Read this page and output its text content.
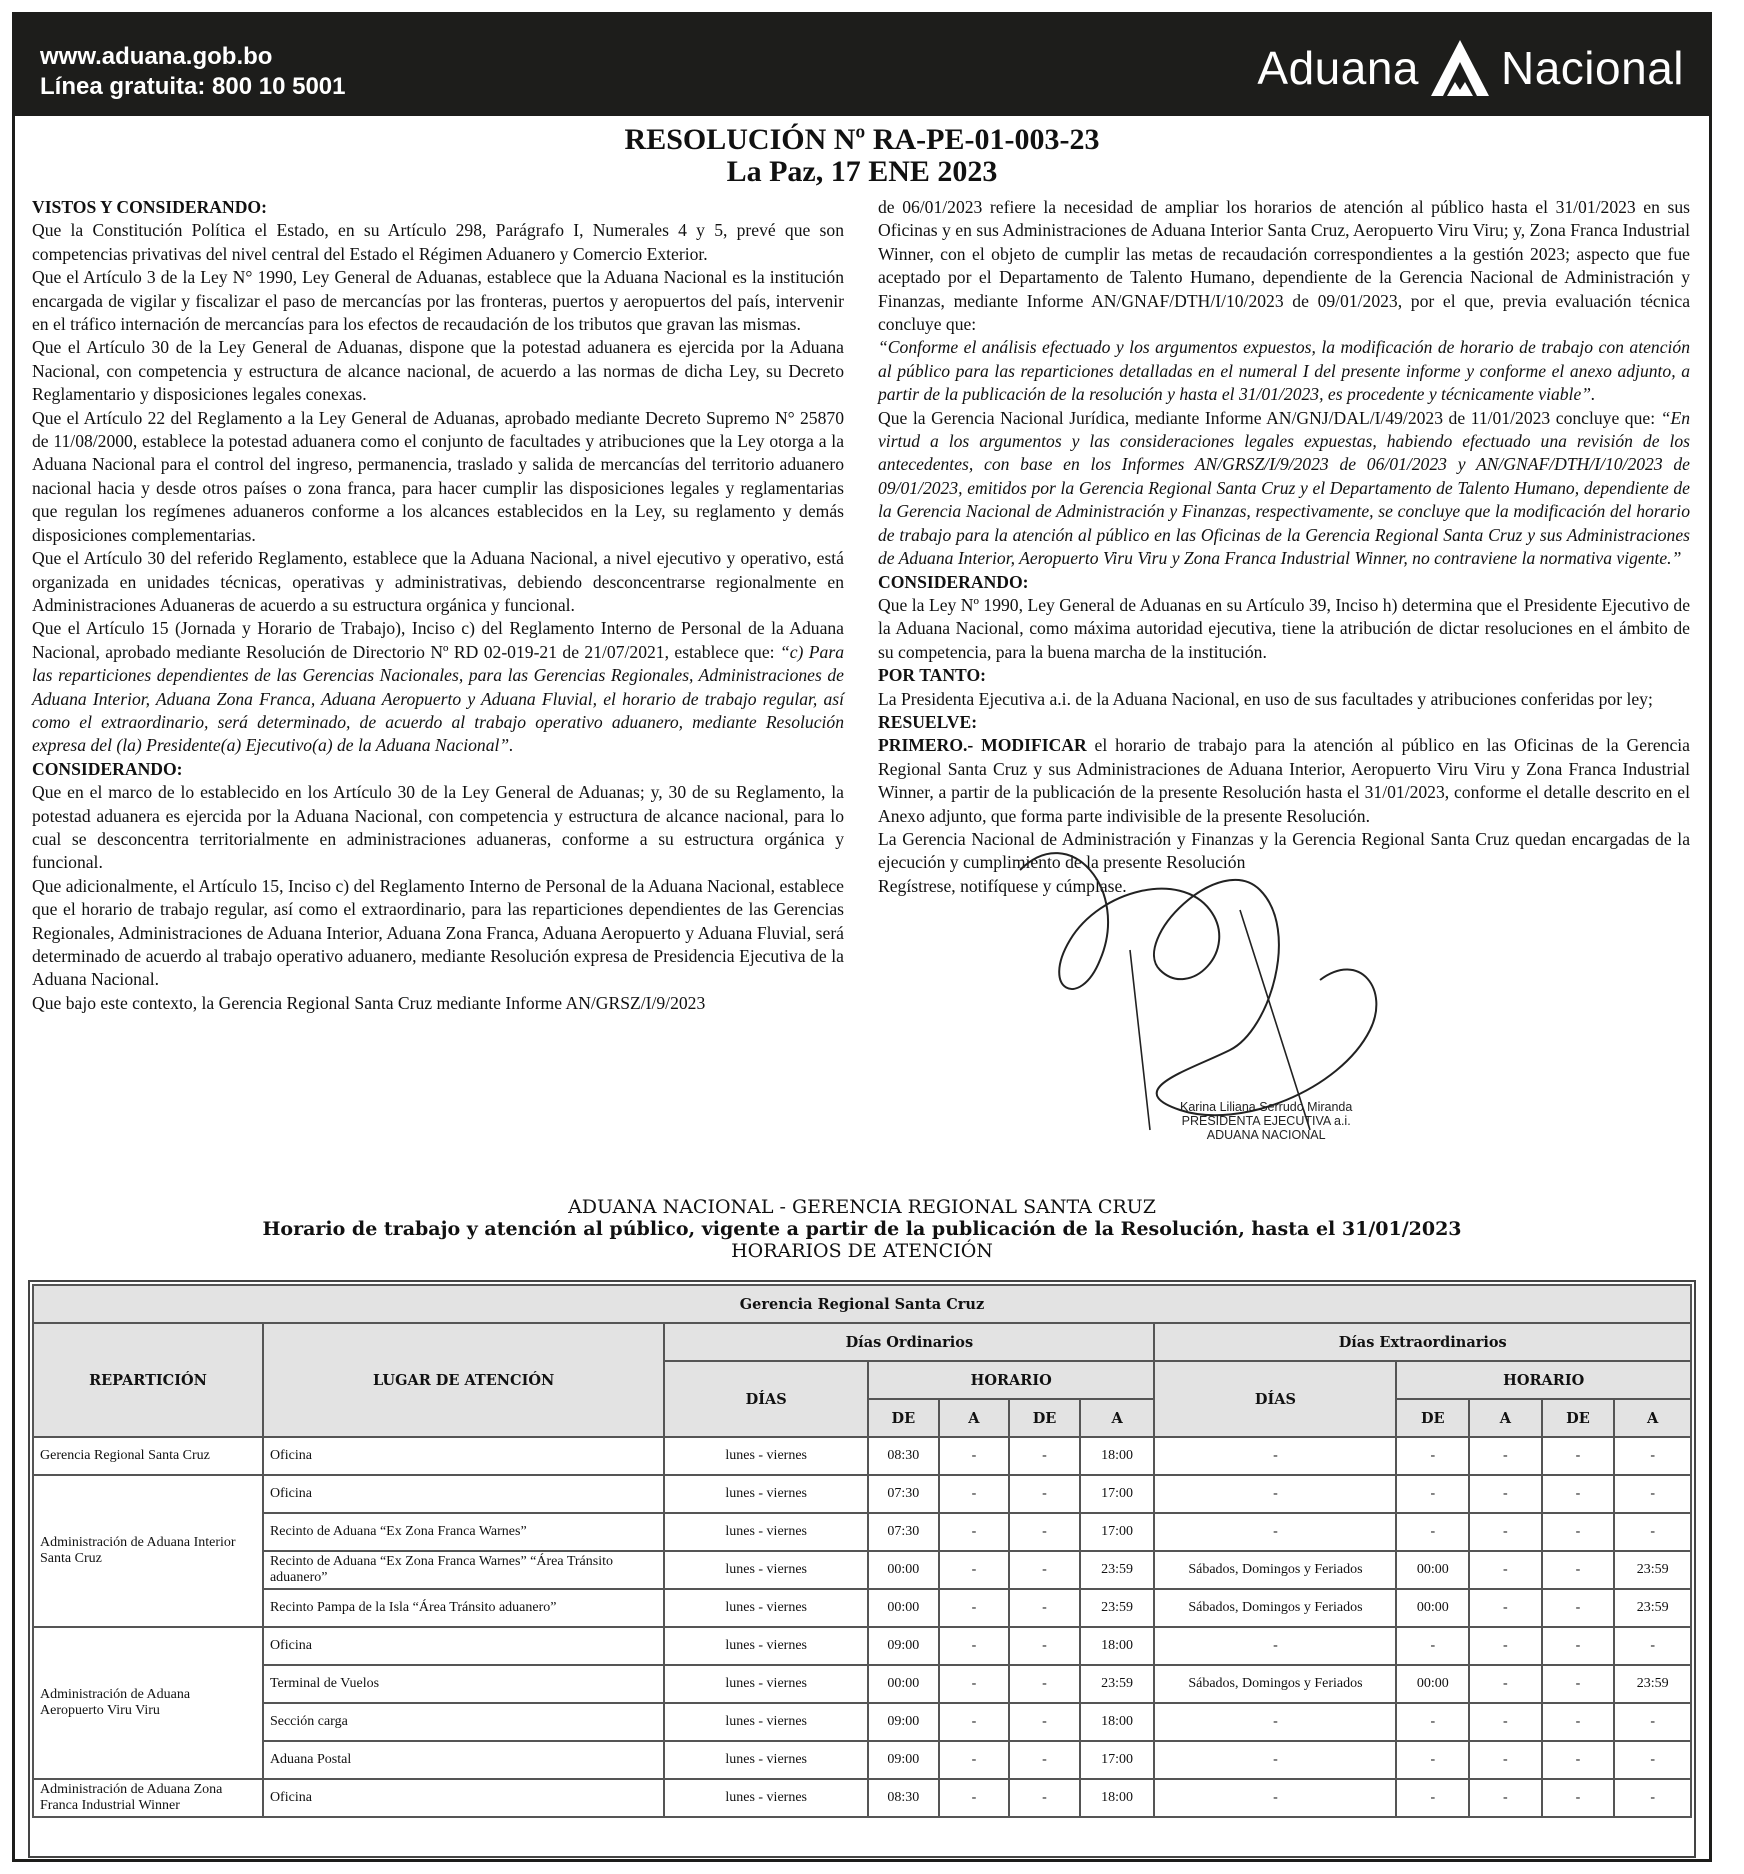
www.aduana.gob.bo
Línea gratuita: 800 10 5001	Aduana Nacional
RESOLUCIÓN Nº RA-PE-01-003-23
La Paz, 17 ENE 2023

VISTOS Y CONSIDERANDO:

Que la Constitución Política el Estado, en su Artículo 298, Parágrafo I, Numerales 4 y 5, prevé que son competencias privativas del nivel central del Estado el Régimen Aduanero y Comercio Exterior.

Que el Artículo 3 de la Ley N° 1990, Ley General de Aduanas, establece que la Aduana Nacional es la institución encargada de vigilar y fiscalizar el paso de mercancías por las fronteras, puertos y aeropuertos del país, intervenir en el tráfico internación de mercancías para los efectos de recaudación de los tributos que gravan las mismas.

Que el Artículo 30 de la Ley General de Aduanas, dispone que la potestad aduanera es ejercida por la Aduana Nacional, con competencia y estructura de alcance nacional, de acuerdo a las normas de dicha Ley, su Decreto Reglamentario y disposiciones legales conexas.

Que el Artículo 22 del Reglamento a la Ley General de Aduanas, aprobado mediante Decreto Supremo N° 25870 de 11/08/2000, establece la potestad aduanera como el conjunto de facultades y atribuciones que la Ley otorga a la Aduana Nacional para el control del ingreso, permanencia, traslado y salida de mercancías del territorio aduanero nacional hacia y desde otros países o zona franca, para hacer cumplir las disposiciones legales y reglamentarias que regulan los regímenes aduaneros conforme a los alcances establecidos en la Ley, su reglamento y demás disposiciones complementarias.

Que el Artículo 30 del referido Reglamento, establece que la Aduana Nacional, a nivel ejecutivo y operativo, está organizada en unidades técnicas, operativas y administrativas, debiendo desconcentrarse regionalmente en Administraciones Aduaneras de acuerdo a su estructura orgánica y funcional.

Que el Artículo 15 (Jornada y Horario de Trabajo), Inciso c) del Reglamento Interno de Personal de la Aduana Nacional, aprobado mediante Resolución de Directorio Nº RD 02-019-21 de 21/07/2021, establece que: “c) Para las reparticiones dependientes de las Gerencias Nacionales, para las Gerencias Regionales, Administraciones de Aduana Interior, Aduana Zona Franca, Aduana Aeropuerto y Aduana Fluvial, el horario de trabajo regular, así como el extraordinario, será determinado, de acuerdo al trabajo operativo aduanero, mediante Resolución expresa del (la) Presidente(a) Ejecutivo(a) de la Aduana Nacional”.

CONSIDERANDO:

Que en el marco de lo establecido en los Artículo 30 de la Ley General de Aduanas; y, 30 de su Reglamento, la potestad aduanera es ejercida por la Aduana Nacional, con competencia y estructura de alcance nacional, para lo cual se desconcentra territorialmente en administraciones aduaneras, conforme a su estructura orgánica y funcional.

Que adicionalmente, el Artículo 15, Inciso c) del Reglamento Interno de Personal de la Aduana Nacional, establece que el horario de trabajo regular, así como el extraordinario, para las reparticiones dependientes de las Gerencias Regionales, Administraciones de Aduana Interior, Aduana Zona Franca, Aduana Aeropuerto y Aduana Fluvial, será determinado de acuerdo al trabajo operativo aduanero, mediante Resolución expresa de Presidencia Ejecutiva de la Aduana Nacional.

Que bajo este contexto, la Gerencia Regional Santa Cruz mediante Informe AN/GRSZ/I/9/2023

de 06/01/2023 refiere la necesidad de ampliar los horarios de atención al público hasta el 31/01/2023 en sus Oficinas y en sus Administraciones de Aduana Interior Santa Cruz, Aeropuerto Viru Viru; y, Zona Franca Industrial Winner, con el objeto de cumplir las metas de recaudación correspondientes a la gestión 2023; aspecto que fue aceptado por el Departamento de Talento Humano, dependiente de la Gerencia Nacional de Administración y Finanzas, mediante Informe AN/GNAF/DTH/I/10/2023 de 09/01/2023, por el que, previa evaluación técnica concluye que:

“Conforme el análisis efectuado y los argumentos expuestos, la modificación de horario de trabajo con atención al público para las reparticiones detalladas en el numeral I del presente informe y conforme el anexo adjunto, a partir de la publicación de la resolución y hasta el 31/01/2023, es procedente y técnicamente viable”.

Que la Gerencia Nacional Jurídica, mediante Informe AN/GNJ/DAL/I/49/2023 de 11/01/2023 concluye que: “En virtud a los argumentos y las consideraciones legales expuestas, habiendo efectuado una revisión de los antecedentes, con base en los Informes AN/GRSZ/I/9/2023 de 06/01/2023 y AN/GNAF/DTH/I/10/2023 de 09/01/2023, emitidos por la Gerencia Regional Santa Cruz y el Departamento de Talento Humano, dependiente de la Gerencia Nacional de Administración y Finanzas, respectivamente, se concluye que la modificación del horario de trabajo para la atención al público en las Oficinas de la Gerencia Regional Santa Cruz y sus Administraciones de Aduana Interior, Aeropuerto Viru Viru y Zona Franca Industrial Winner, no contraviene la normativa vigente.”

CONSIDERANDO:

Que la Ley Nº 1990, Ley General de Aduanas en su Artículo 39, Inciso h) determina que el Presidente Ejecutivo de la Aduana Nacional, como máxima autoridad ejecutiva, tiene la atribución de dictar resoluciones en el ámbito de su competencia, para la buena marcha de la institución.

POR TANTO:

La Presidenta Ejecutiva a.i. de la Aduana Nacional, en uso de sus facultades y atribuciones conferidas por ley;

RESUELVE:

PRIMERO.- MODIFICAR el horario de trabajo para la atención al público en las Oficinas de la Gerencia Regional Santa Cruz y sus Administraciones de Aduana Interior, Aeropuerto Viru Viru y Zona Franca Industrial Winner, a partir de la publicación de la presente Resolución hasta el 31/01/2023, conforme el detalle descrito en el Anexo adjunto, que forma parte indivisible de la presente Resolución.

La Gerencia Nacional de Administración y Finanzas y la Gerencia Regional Santa Cruz quedan encargadas de la ejecución y cumplimiento de la presente Resolución

Regístrese, notifíquese y cúmplase.

Karina Liliana Serrudo Miranda
PRESIDENTA EJECUTIVA a.i.
ADUANA NACIONAL
ADUANA NACIONAL - GERENCIA REGIONAL SANTA CRUZ
Horario de trabajo y atención al público, vigente a partir de la publicación de la Resolución, hasta el 31/01/2023
HORARIOS DE ATENCIÓN
Gerencia Regional Santa Cruz											
REPARTICIÓN	LUGAR DE ATENCIÓN	Días Ordinarios					Días Extraordinarios				
		DÍAS	HORARIO				DÍAS	HORARIO			
			DE	A	DE	A		DE	A	DE	A
Gerencia Regional Santa Cruz	Oficina	lunes - viernes	08:30	-	-	18:00	-	-	-	-	-
Administración de Aduana Interior Santa Cruz	Oficina	lunes - viernes	07:30	-	-	17:00	-	-	-	-	-
	Recinto de Aduana “Ex Zona Franca Warnes”	lunes - viernes	07:30	-	-	17:00	-	-	-	-	-
	Recinto de Aduana “Ex Zona Franca Warnes” “Área Tránsito aduanero”	lunes - viernes	00:00	-	-	23:59	Sábados, Domingos y Feriados	00:00	-	-	23:59
	Recinto Pampa de la Isla “Área Tránsito aduanero”	lunes - viernes	00:00	-	-	23:59	Sábados, Domingos y Feriados	00:00	-	-	23:59
Administración de Aduana Aeropuerto Viru Viru	Oficina	lunes - viernes	09:00	-	-	18:00	-	-	-	-	-
	Terminal de Vuelos	lunes - viernes	00:00	-	-	23:59	Sábados, Domingos y Feriados	00:00	-	-	23:59
	Sección carga	lunes - viernes	09:00	-	-	18:00	-	-	-	-	-
	Aduana Postal	lunes - viernes	09:00	-	-	17:00	-	-	-	-	-
Administración de Aduana Zona Franca Industrial Winner	Oficina	lunes - viernes	08:30	-	-	18:00	-	-	-	-	-
